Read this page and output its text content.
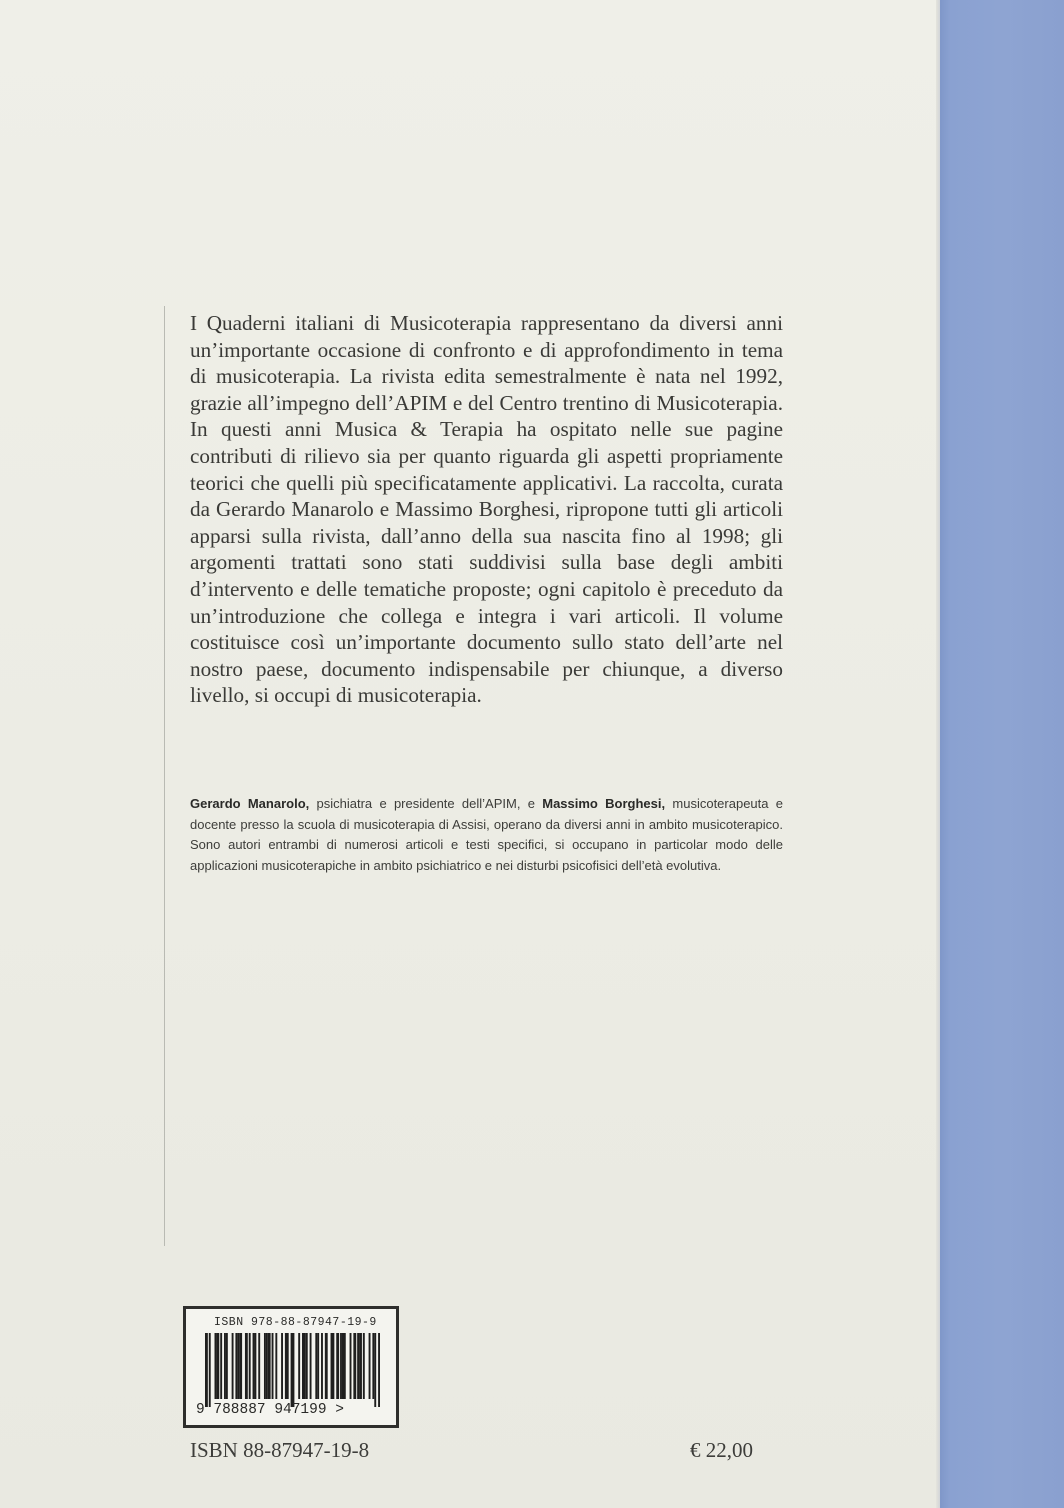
I Quaderni italiani di Musicoterapia rappresentano da diversi anni un’importante occasione di confronto e di approfondimento in tema di musicoterapia. La rivista edita semestralmente è nata nel 1992, grazie all’impegno dell’APIM e del Centro trentino di Musicoterapia. In questi anni Musica & Terapia ha ospitato nelle sue pagine contributi di rilievo sia per quanto riguarda gli aspetti propriamente teorici che quelli più specificatamente applicativi. La raccolta, curata da Gerardo Manarolo e Massimo Borghesi, ripropone tutti gli articoli apparsi sulla rivista, dall’anno della sua nascita fino al 1998; gli argomenti trattati sono stati suddivisi sulla base degli ambiti d’intervento e delle tematiche proposte; ogni capitolo è preceduto da un’introduzione che collega e integra i vari articoli. Il volume costituisce così un’importante documento sullo stato dell’arte nel nostro paese, documento indispensabile per chiunque, a diverso livello, si occupi di musicoterapia.

Gerardo Manarolo, psichiatra e presidente dell’APIM, e Massimo Borghesi, musicoterapeuta e docente presso la scuola di musicoterapia di Assisi, operano da diversi anni in ambito musicoterapico. Sono autori entrambi di numerosi articoli e testi specifici, si occupano in particolar modo delle applicazioni musicoterapiche in ambito psichiatrico e nei disturbi psicofisici dell’età evolutiva.

ISBN 978-88-87947-19-9
9 788887 947199 >
ISBN 88-87947-19-8	€ 22,00
